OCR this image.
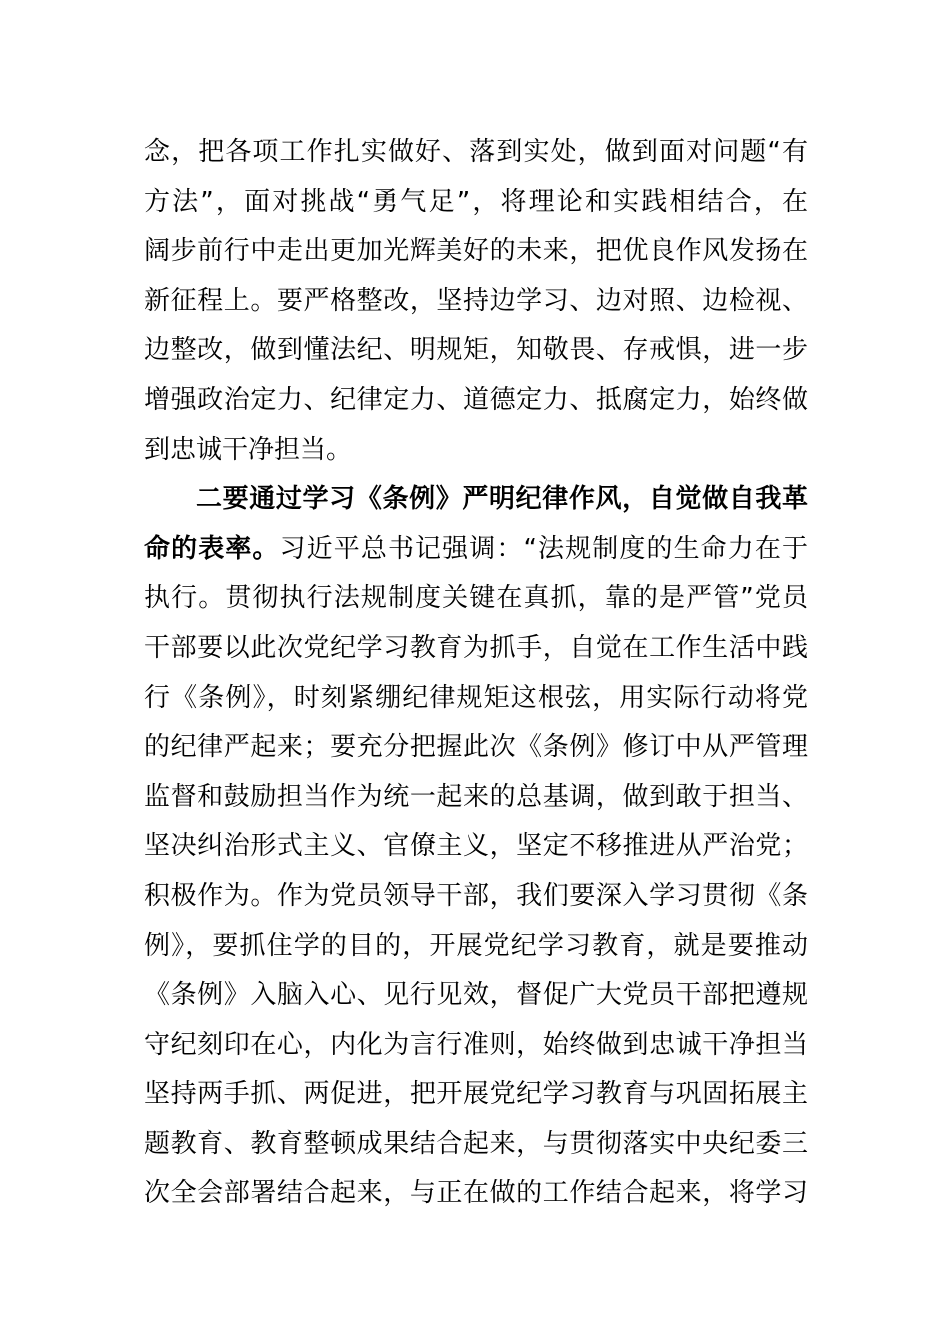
念，把各项工作扎实做好、落到实处，做到面对问题“有
方法”，面对挑战“勇气足”，将理论和实践相结合，在
阔步前行中走出更加光辉美好的未来，把优良作风发扬在
新征程上。要严格整改，坚持边学习、边对照、边检视、
边整改，做到懂法纪、明规矩，知敬畏、存戒惧，进一步
增强政治定力、纪律定力、道德定力、抵腐定力，始终做
到忠诚干净担当。
二要通过学习《条例》严明纪律作风，自觉做自我革
命的表率。习近平总书记强调：“法规制度的生命力在于
执行。贯彻执行法规制度关键在真抓，靠的是严管”党员
干部要以此次党纪学习教育为抓手，自觉在工作生活中践
行《条例》，时刻紧绷纪律规矩这根弦，用实际行动将党
的纪律严起来；要充分把握此次《条例》修订中从严管理
监督和鼓励担当作为统一起来的总基调，做到敢于担当、
坚决纠治形式主义、官僚主义，坚定不移推进从严治党；
积极作为。作为党员领导干部，我们要深入学习贯彻《条
例》，要抓住学的目的，开展党纪学习教育，就是要推动
《条例》入脑入心、见行见效，督促广大党员干部把遵规
守纪刻印在心，内化为言行准则，始终做到忠诚干净担当
坚持两手抓、两促进，把开展党纪学习教育与巩固拓展主
题教育、教育整顿成果结合起来，与贯彻落实中央纪委三
次全会部署结合起来，与正在做的工作结合起来，将学习
